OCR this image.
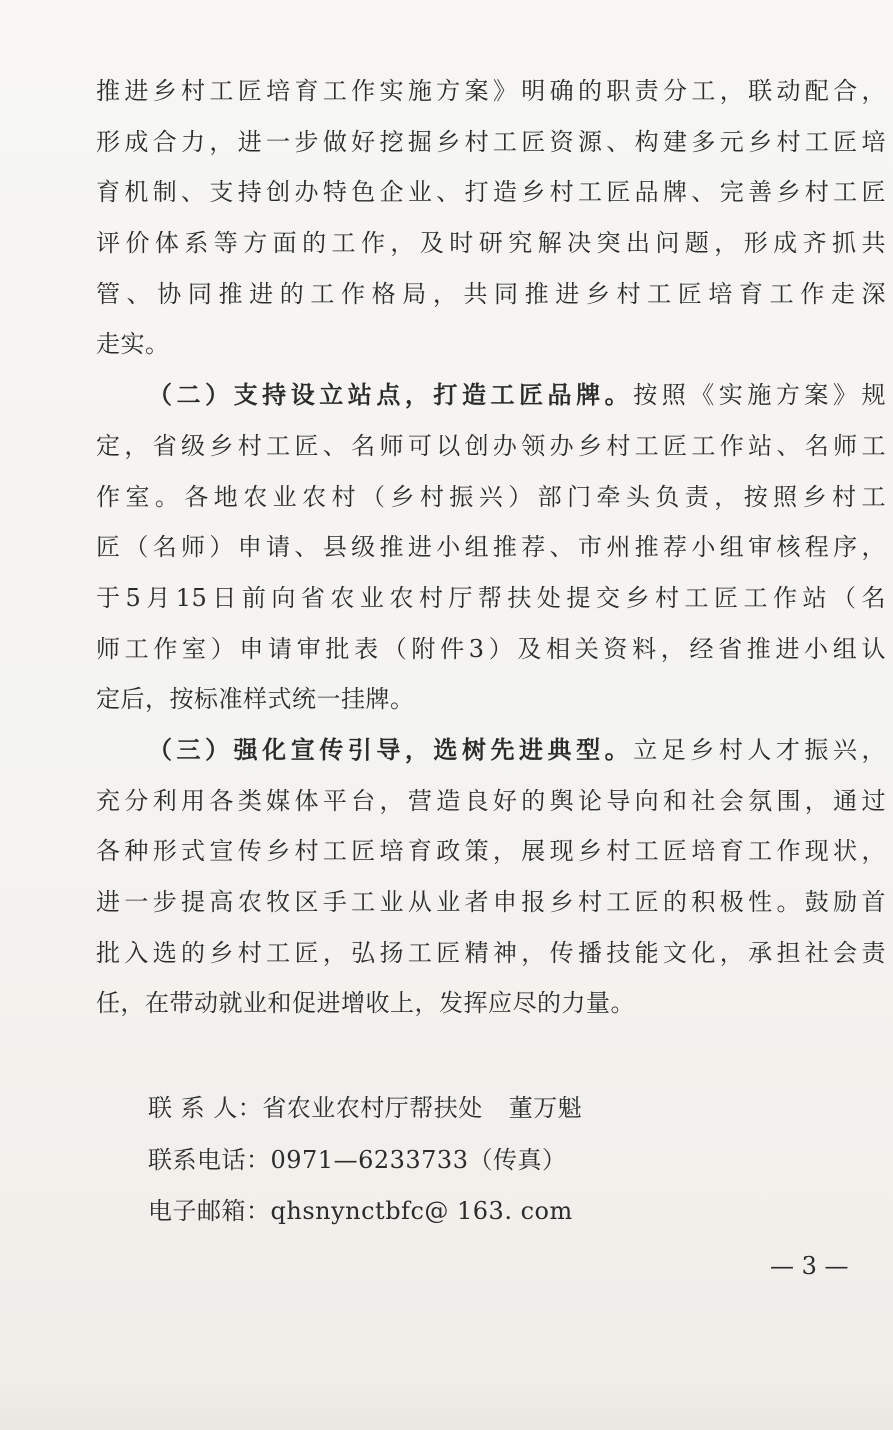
推进乡村工匠培育工作实施方案》明确的职责分工，联动配合，
形成合力，进一步做好挖掘乡村工匠资源、构建多元乡村工匠培
育机制、支持创办特色企业、打造乡村工匠品牌、完善乡村工匠
评价体系等方面的工作，及时研究解决突出问题，形成齐抓共
管、协同推进的工作格局，共同推进乡村工匠培育工作走深
走实。
（二）支持设立站点，打造工匠品牌。按照《实施方案》规
定，省级乡村工匠、名师可以创办领办乡村工匠工作站、名师工
作室。各地农业农村（乡村振兴）部门牵头负责，按照乡村工
匠（名师）申请、县级推进小组推荐、市州推荐小组审核程序，
于5月15日前向省农业农村厅帮扶处提交乡村工匠工作站（名
师工作室）申请审批表（附件3）及相关资料，经省推进小组认
定后，按标准样式统一挂牌。
（三）强化宣传引导，选树先进典型。立足乡村人才振兴，
充分利用各类媒体平台，营造良好的舆论导向和社会氛围，通过
各种形式宣传乡村工匠培育政策，展现乡村工匠培育工作现状，
进一步提高农牧区手工业从业者申报乡村工匠的积极性。鼓励首
批入选的乡村工匠，弘扬工匠精神，传播技能文化，承担社会责
任，在带动就业和促进增收上，发挥应尽的力量。
联 系 人：省农业农村厅帮扶处 董万魁
联系电话：0971—6233733（传真）
电子邮箱：qhsnynctbfc@ 163. com
— 3 —
